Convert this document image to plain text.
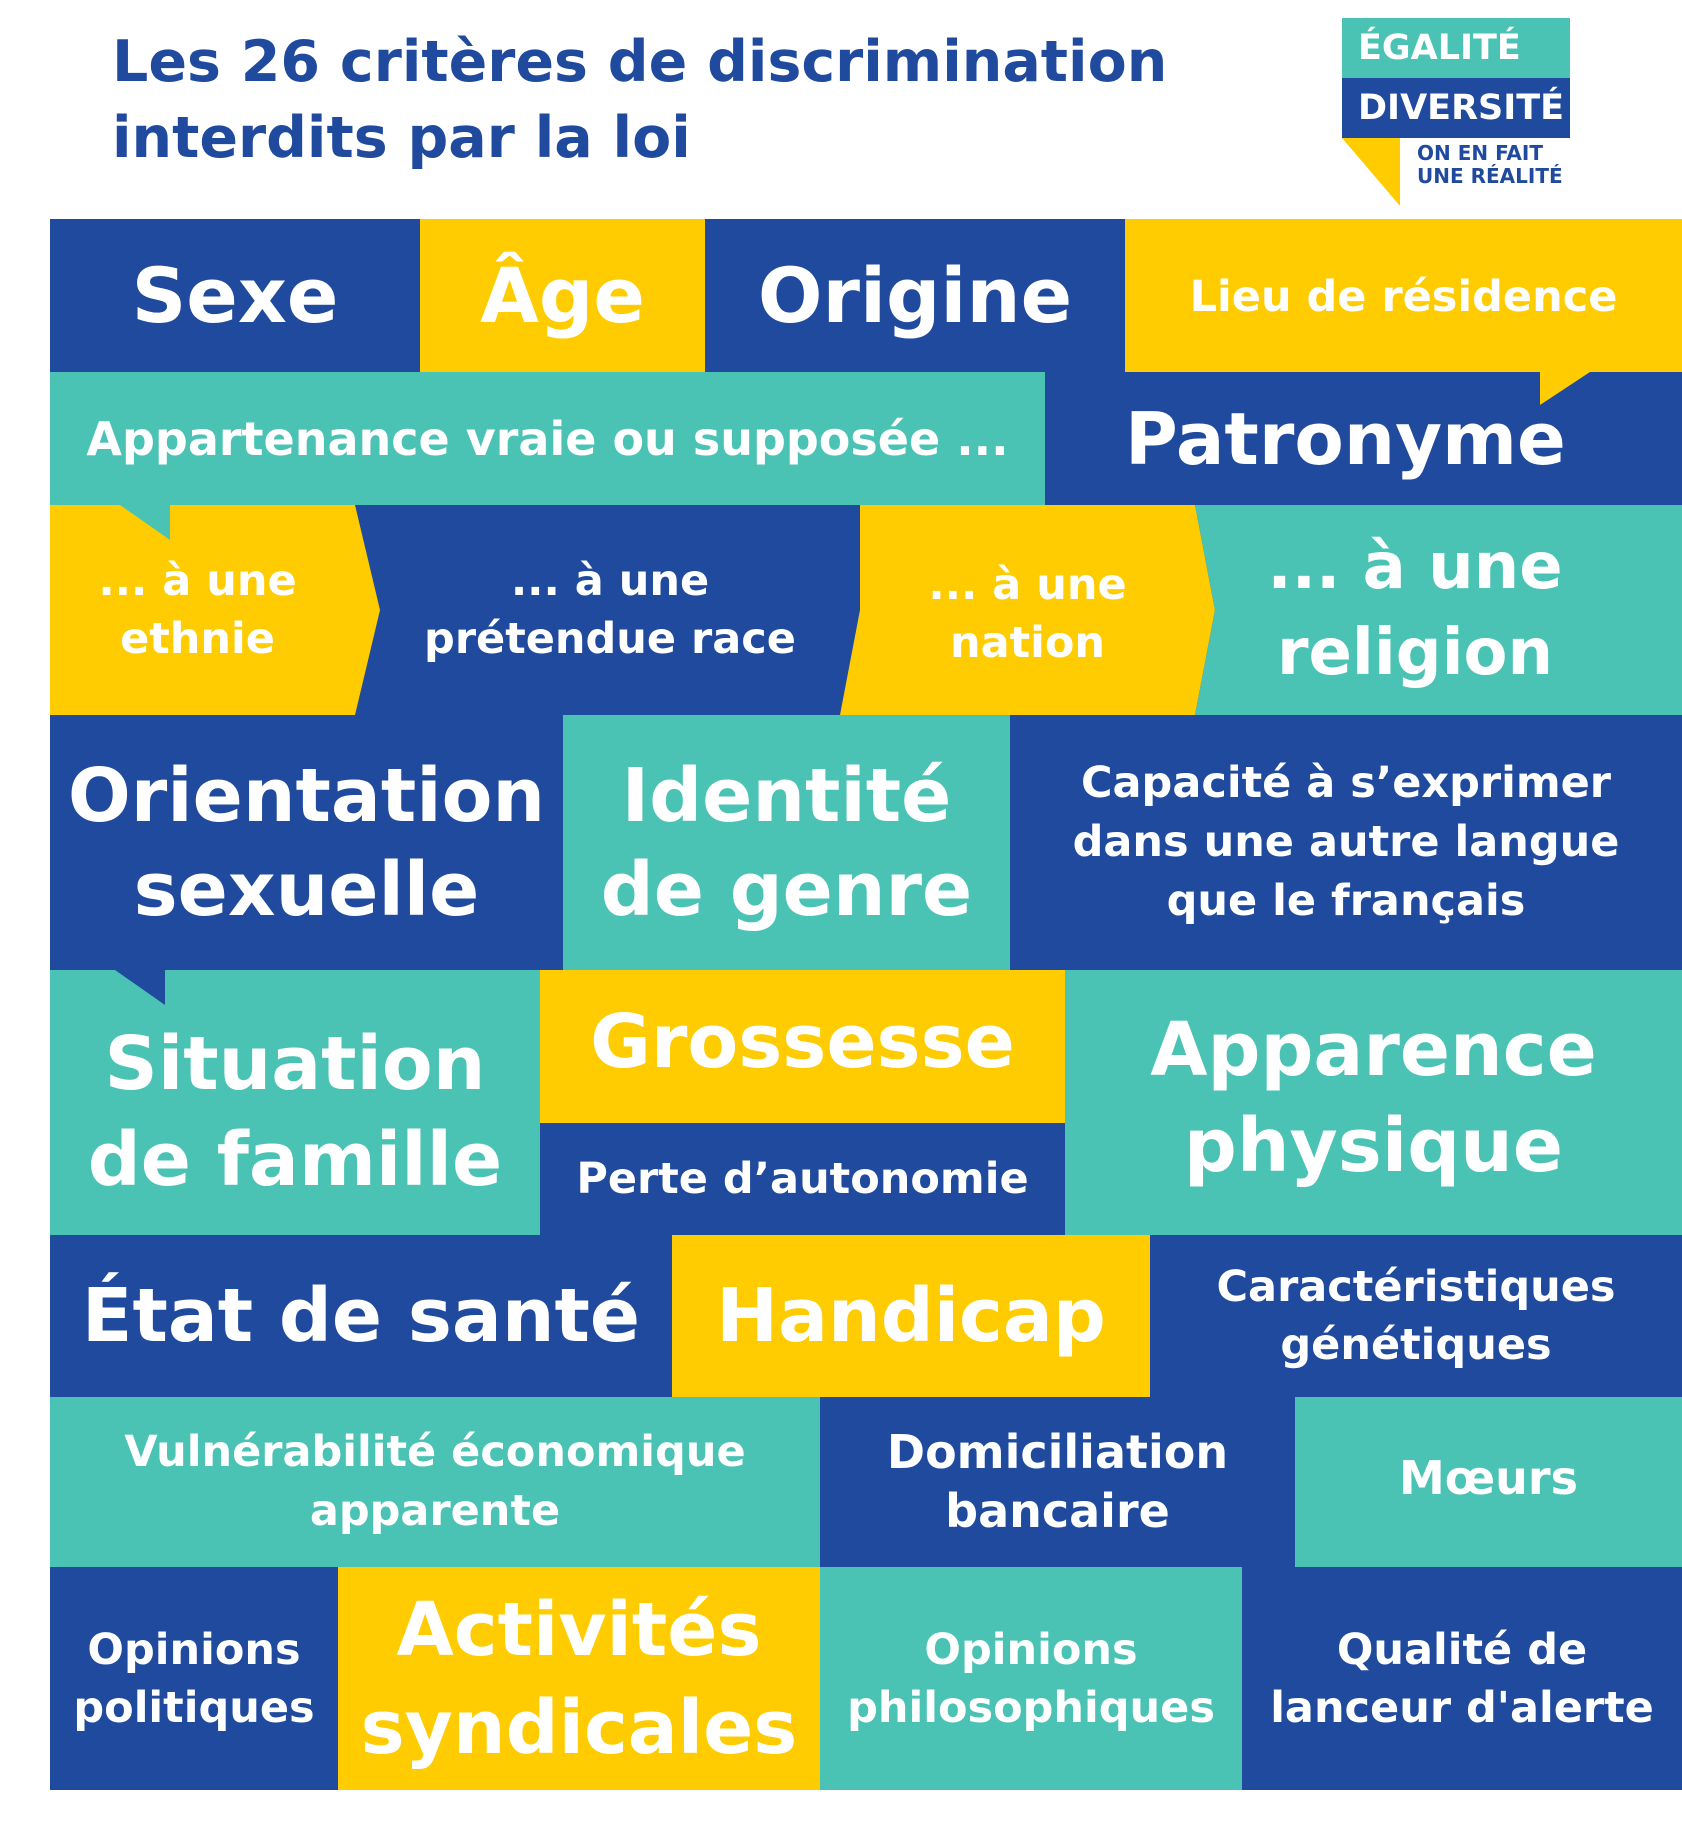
Les 26 critères de discrimination
interdits par la loi
ÉGALITÉ
DIVERSITÉ
ON EN FAIT
UNE RÉALITÉ
Sexe Âge Origine	Lieu de résidence
Appartenance vraie ou supposée ... Patronyme
Orientation
sexuelle
Identité
de genre
Capacité à s’exprimer
dans une autre langue
que le français
Situation
de famille
Grossesse
Perte d’autonomie
Apparence
physique
État de santé Handicap	Caractéristiques
génétiques
Vulnérabilité économique
apparente
Domiciliation
bancaire
Mœurs
Opinions
politiques
Activités
syndicales
Opinions
philosophiques
Qualité de
lanceur d'alerte
... à une
ethnie
... à une
prétendue race
... à une
nation
... à une
religion
